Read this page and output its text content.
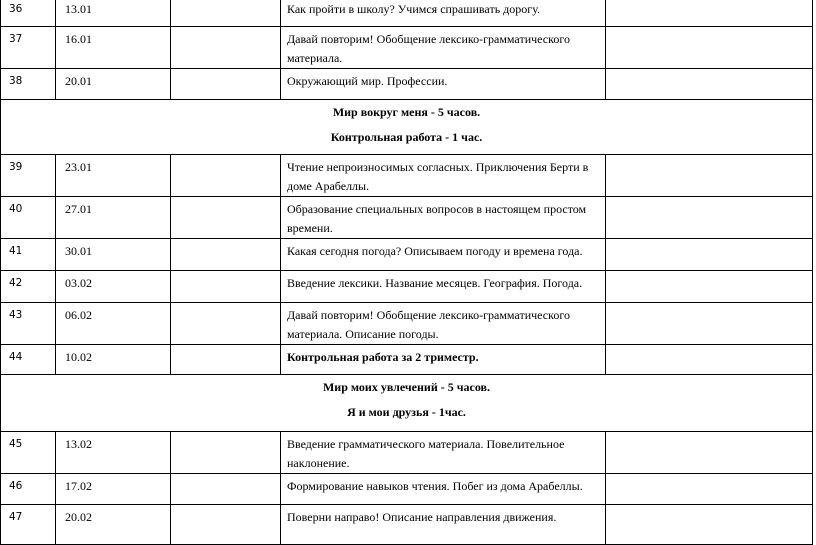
36	13.01		Как пройти в школу? Учимся спрашивать дорогу.	
37	16.01		Давай повторим! Обобщение лексико-грамматического материала.	
38	20.01		Окружающий мир. Профессии.	

Мир вокруг меня - 5 часов.
Контрольная работа - 1 час.				

39	23.01		Чтение непроизносимых согласных. Приключения Берти в доме Арабеллы.	
40	27.01		Образование специальных вопросов в настоящем простом времени.	
41	30.01		Какая сегодня погода? Описываем погоду и времена года.	
42	03.02		Введение лексики. Название месяцев. География. Погода.	
43	06.02		Давай повторим! Обобщение лексико-грамматического материала. Описание погоды.	
44	10.02		Контрольная работа за 2 триместр.	

Мир моих увлечений - 5 часов.
Я и мои друзья - 1час.				

45	13.02		Введение грамматического материала. Повелительное наклонение.	
46	17.02		Формирование навыков чтения. Побег из дома Арабеллы.	
47	20.02		Поверни направо! Описание направления движения.	
